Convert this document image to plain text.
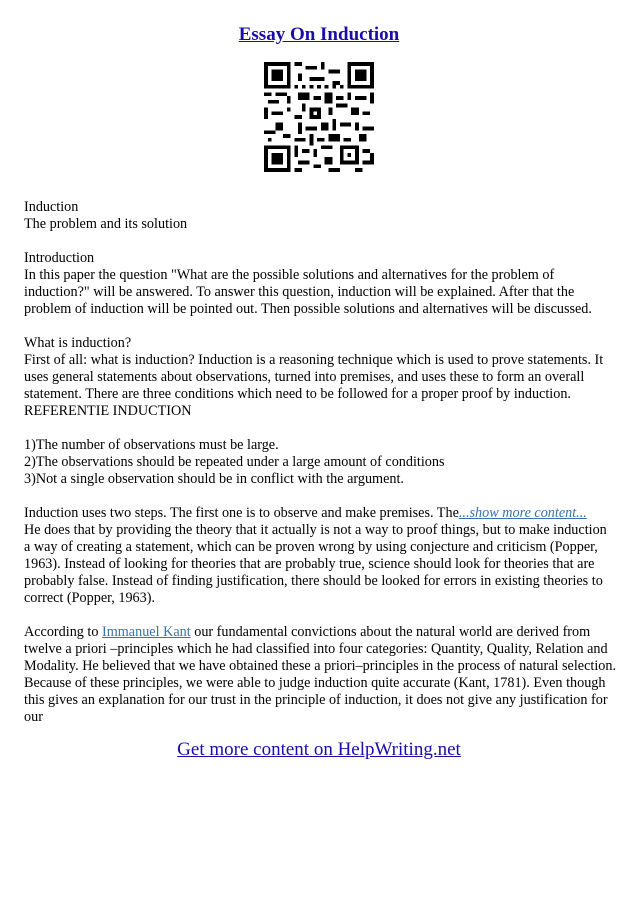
Essay On Induction

Induction
The problem and its solution

Introduction
In this paper the question "What are the possible solutions and alternatives for the problem of induction?" will be answered. To answer this question, induction will be explained. After that the problem of induction will be pointed out. Then possible solutions and alternatives will be discussed.

What is induction?
First of all: what is induction? Induction is a reasoning technique which is used to prove statements. It uses general statements about observations, turned into premises, and uses these to form an overall statement. There are three conditions which need to be followed for a proper proof by induction. REFERENTIE INDUCTION

1)The number of observations must be large.
2)The observations should be repeated under a large amount of conditions
3)Not a single observation should be in conflict with the argument.

Induction uses two steps. The first one is to observe and make premises. The...show more content...
He does that by providing the theory that it actually is not a way to proof things, but to make induction a way of creating a statement, which can be proven wrong by using conjecture and criticism (Popper, 1963). Instead of looking for theories that are probably true, science should look for theories that are probably false. Instead of finding justification, there should be looked for errors in existing theories to correct (Popper, 1963).

According to Immanuel Kant our fundamental convictions about the natural world are derived from twelve a priori –principles which he had classified into four categories: Quantity, Quality, Relation and Modality. He believed that we have obtained these a priori–principles in the process of natural selection. Because of these principles, we were able to judge induction quite accurate (Kant, 1781). Even though this gives an explanation for our trust in the principle of induction, it does not give any justification for our

Get more content on HelpWriting.net
